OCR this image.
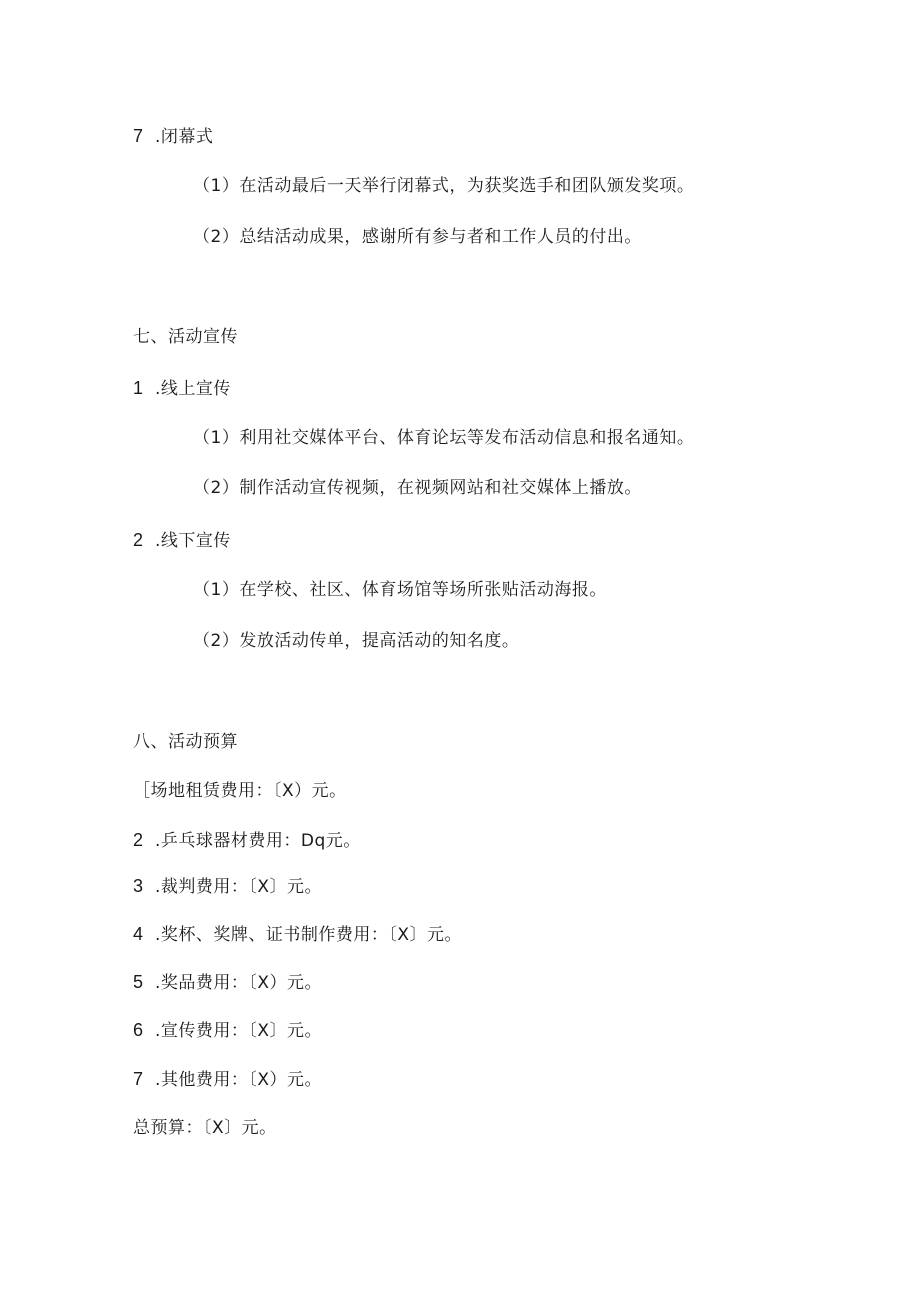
7 .闭幕式
（1）在活动最后一天举行闭幕式，为获奖选手和团队颁发奖项。
（2）总结活动成果，感谢所有参与者和工作人员的付出。
七、活动宣传
1 .线上宣传
（1）利用社交媒体平台、体育论坛等发布活动信息和报名通知。
（2）制作活动宣传视频，在视频网站和社交媒体上播放。
2 .线下宣传
（1）在学校、社区、体育场馆等场所张贴活动海报。
（2）发放活动传单，提高活动的知名度。
八、活动预算
［场地租赁费用：〔X）元。
2 .乒乓球器材费用：Dq元。
3 .裁判费用：〔X〕元。
4 .奖杯、奖牌、证书制作费用：〔X〕元。
5 .奖品费用：〔X）元。
6 .宣传费用：〔X〕元。
7 .其他费用：〔X）元。
总预算：〔X〕元。
